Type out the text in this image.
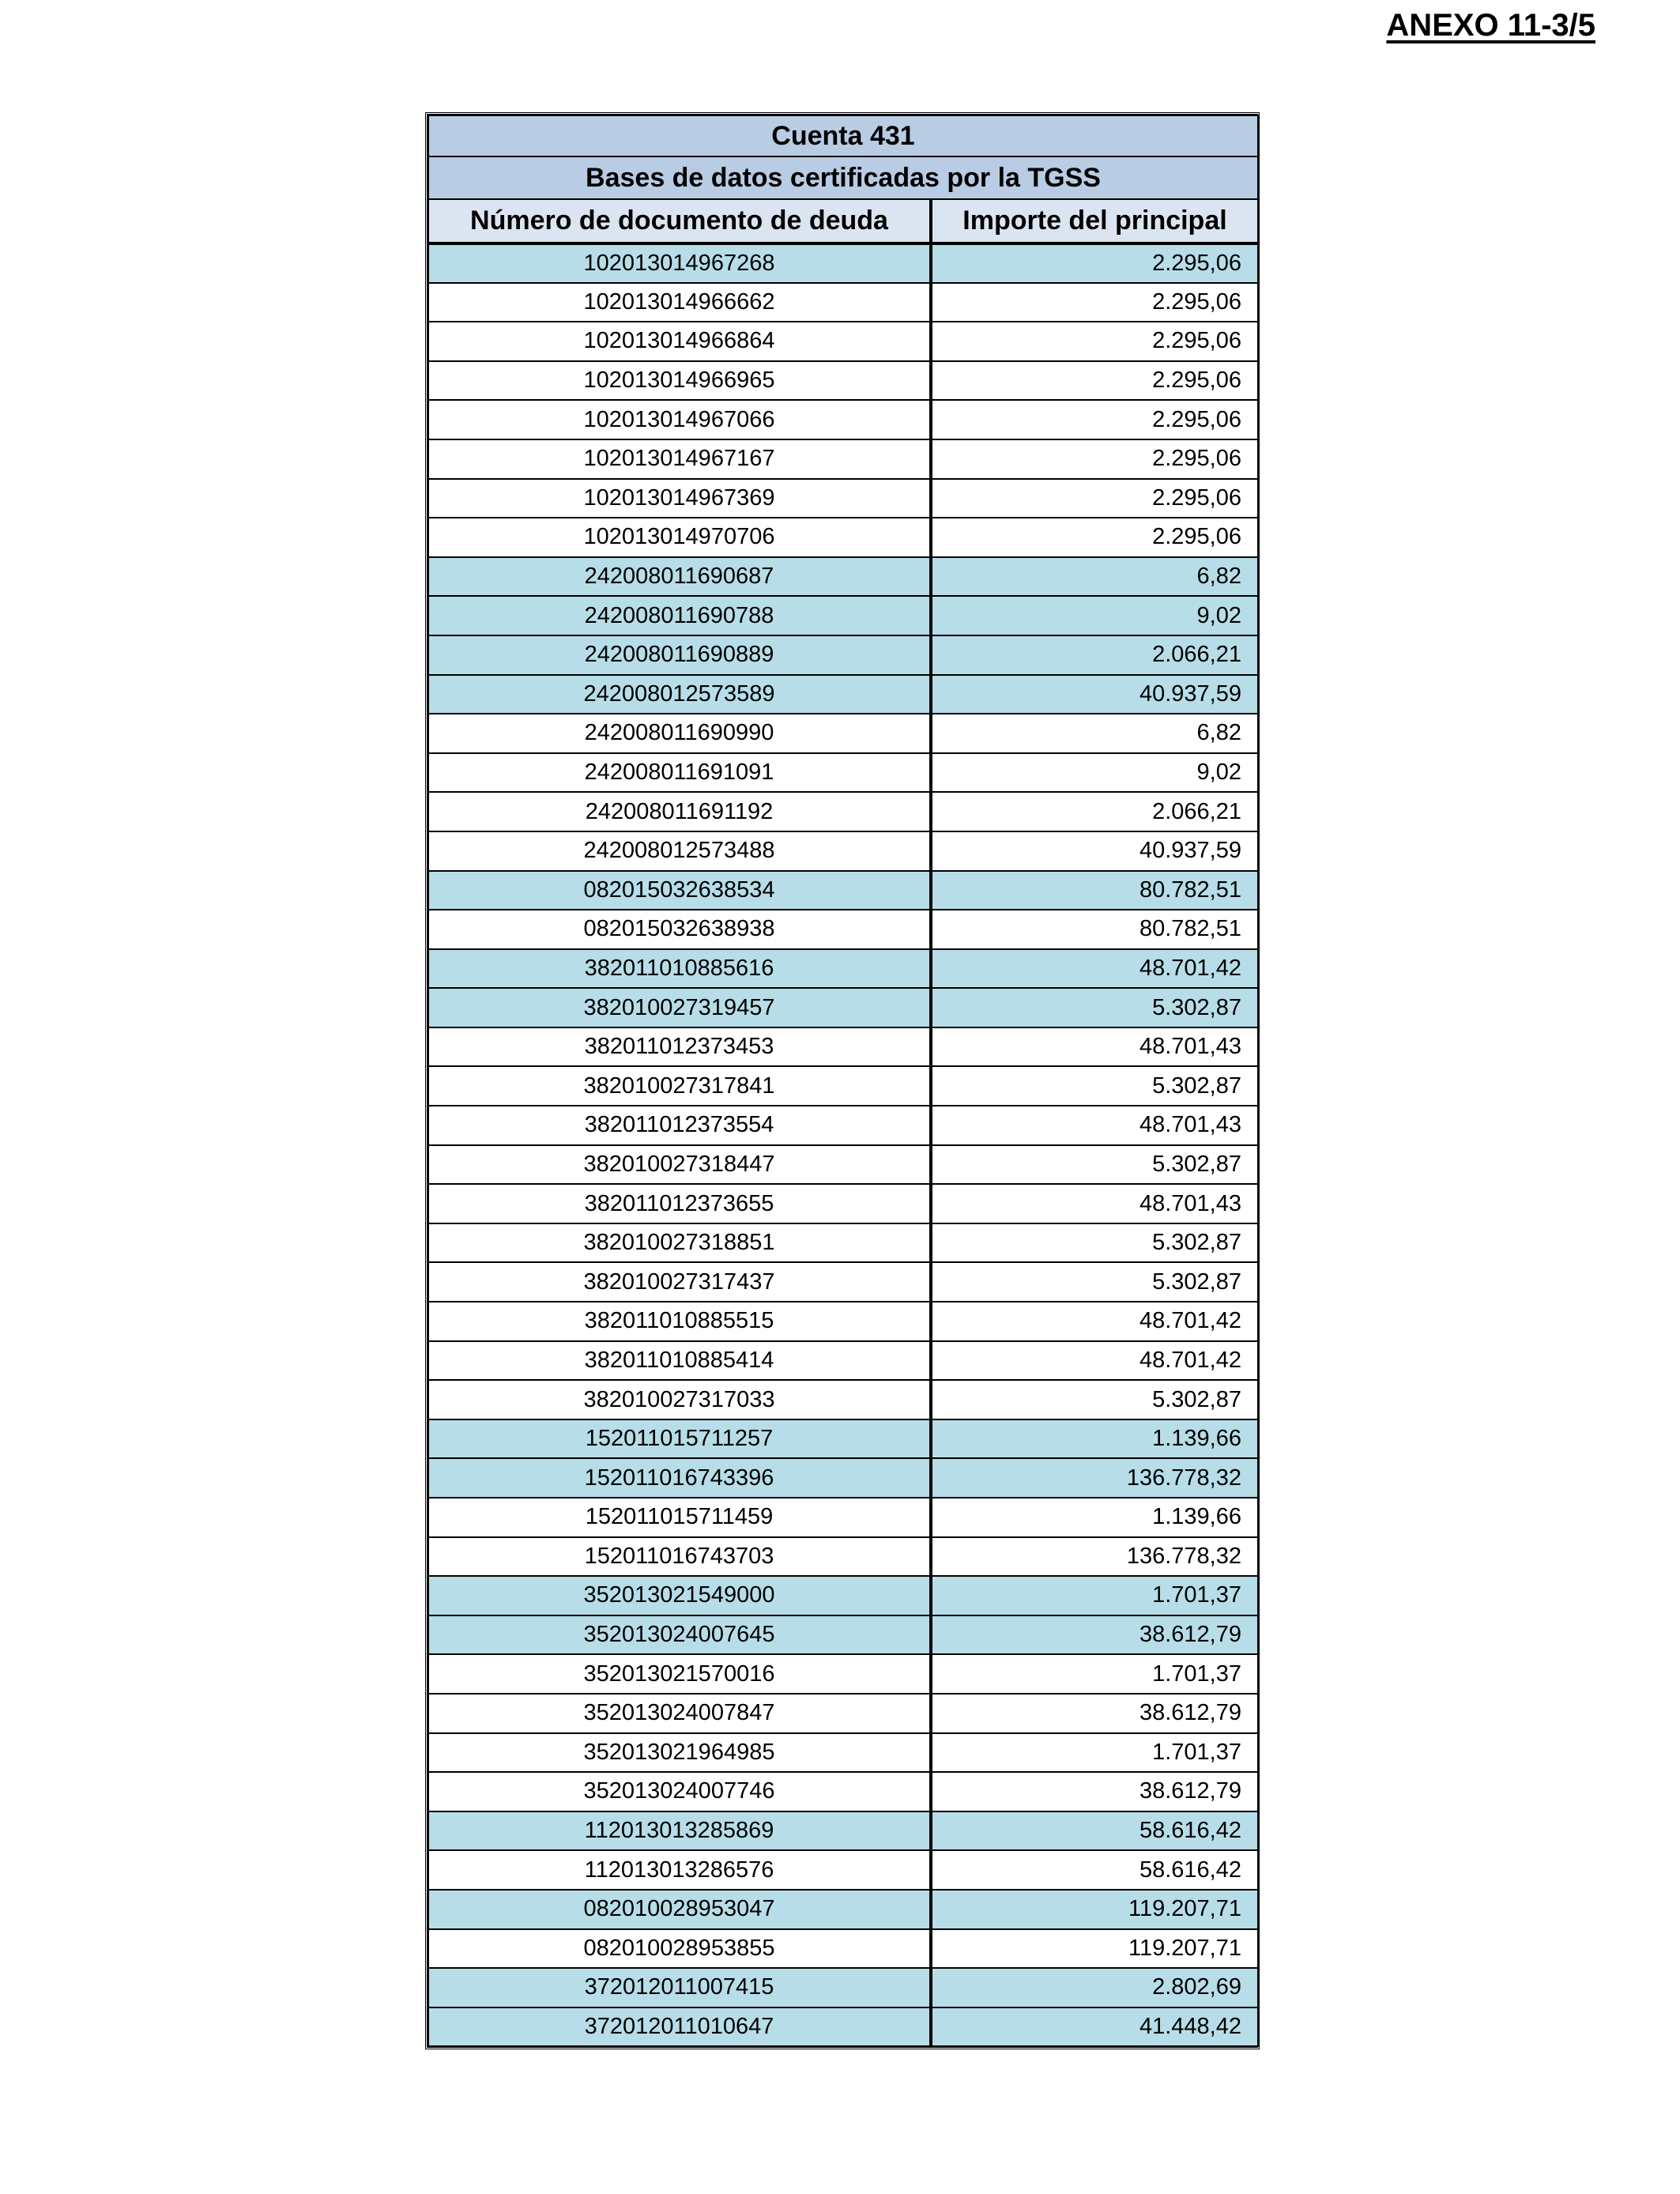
ANEXO 11-3/5
Cuenta 431	
Bases de datos certificadas por la TGSS	
Número de documento de deuda	Importe del principal
102013014967268	2.295,06
102013014966662	2.295,06
102013014966864	2.295,06
102013014966965	2.295,06
102013014967066	2.295,06
102013014967167	2.295,06
102013014967369	2.295,06
102013014970706	2.295,06
242008011690687	6,82
242008011690788	9,02
242008011690889	2.066,21
242008012573589	40.937,59
242008011690990	6,82
242008011691091	9,02
242008011691192	2.066,21
242008012573488	40.937,59
082015032638534	80.782,51
082015032638938	80.782,51
382011010885616	48.701,42
382010027319457	5.302,87
382011012373453	48.701,43
382010027317841	5.302,87
382011012373554	48.701,43
382010027318447	5.302,87
382011012373655	48.701,43
382010027318851	5.302,87
382010027317437	5.302,87
382011010885515	48.701,42
382011010885414	48.701,42
382010027317033	5.302,87
152011015711257	1.139,66
152011016743396	136.778,32
152011015711459	1.139,66
152011016743703	136.778,32
352013021549000	1.701,37
352013024007645	38.612,79
352013021570016	1.701,37
352013024007847	38.612,79
352013021964985	1.701,37
352013024007746	38.612,79
112013013285869	58.616,42
112013013286576	58.616,42
082010028953047	119.207,71
082010028953855	119.207,71
372012011007415	2.802,69
372012011010647	41.448,42
